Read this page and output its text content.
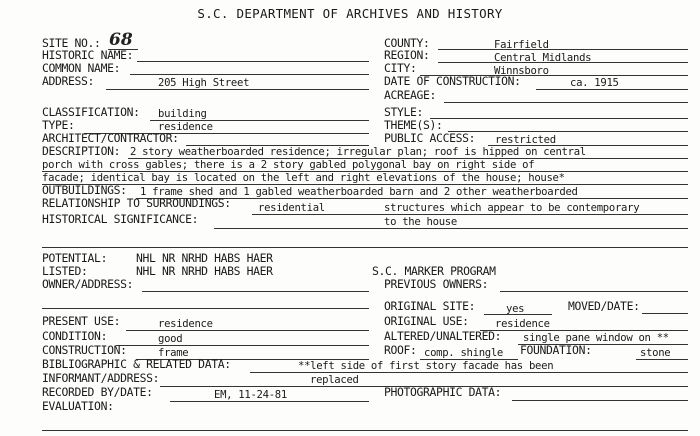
S.C. DEPARTMENT OF ARCHIVES AND HISTORY
SITE NO.: 68
HISTORIC NAME:
COMMON NAME:
ADDRESS:	205 High Street
CLASSIFICATION: building
TYPE:	residence
ARCHITECT/CONTRACTOR:
COUNTY:	Fairfield
REGION:	Central Midlands
CITY:	Winnsboro
DATE OF CONSTRUCTION:	ca. 1915
ACREAGE:
STYLE:
THEME(S):
PUBLIC ACCESS: restricted
DESCRIPTION: 2 story weatherboarded residence; irregular plan; roof is hipped on central
porch with cross gables; there is a 2 story gabled polygonal bay on right side of
facade; identical bay is located on the left and right elevations of the house; house*
OUTBUILDINGS: 1 frame shed and 1 gabled weatherboarded barn and 2 other weatherboarded
RELATIONSHIP TO SURROUNDINGS:	residential	structures which appear to be contemporary
HISTORICAL SIGNIFICANCE:	to the house
POTENTIAL:	NHL NR NRHD HABS HAER
LISTED:	NHL NR NRHD HABS HAER	S.C. MARKER PROGRAM
OWNER/ADDRESS:	PREVIOUS OWNERS:
ORIGINAL SITE:	yes	MOVED/DATE:
PRESENT USE:	residence	ORIGINAL USE: residence
CONDITION:	good	ALTERED/UNALTERED: single pane window on **
CONSTRUCTION:	frame	ROOF: comp. shingle FOUNDATION:	stone
BIBLIOGRAPHIC & RELATED DATA:	**left side of first story facade has been
INFORMANT/ADDRESS:	replaced
RECORDED BY/DATE:	EM, 11-24-81	PHOTOGRAPHIC DATA:
EVALUATION:
